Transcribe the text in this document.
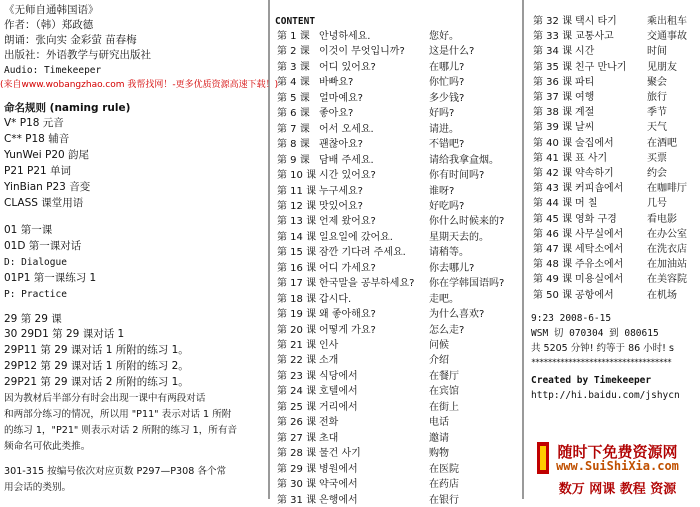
《无师自通韩国语》
作者：（韩）郑政德
朗诵：张向实 金彩萤 苗春梅
出版社：外语教学与研究出版社
Audio: Timekeeper
(来自www.wobangzhao.com 我帮找网！-更多优质资源高速下载！)
命名规则 (naming rule)
V* P18 元音
C** P18 辅音
YunWei P20 韵尾
P21 P21 单词
YinBian P23 音变
CLASS 课堂用语
01 第一课
01D 第一课对话
D: Dialogue
01P1 第一课练习 1
P: Practice
29 第 29 课
30 29D1 第 29 课对话 1
29P11 第 29 课对话 1 所附的练习 1。
29P12 第 29 课对话 1 所附的练习 2。
29P21 第 29 课对话 2 所附的练习 1。
因为教材后半部分有时会出现一课中有两段对话
和两部分练习的情况，所以用 "P11" 表示对话 1 所附
的练习 1，"P21" 则表示对话 2 所附的练习 1，所有音
频命名可依此类推。
301-315 按编号依次对应页数 P297—P308 各个常
用会话的类别。
CONTENT
第 1 课 안녕하세요.	您好。
第 2 课 이것이 무엇입니까? 这是什么?
第 3 课 어디 있어요?	在哪儿?
第 4 课 바빠요?	你忙吗?
第 5 课 얼마예요?	多少钱?
第 6 课 좋아요?	好吗?
第 7 课 어서 오세요.	请进。
第 8 课 괜찮아요?	不错吧?
第 9 课 담배 주세요.	请给我拿盒烟。
第 10 课 시간 있어요?	你有时间吗?
第 11 课 누구세요?	谁呀?
第 12 课 맛있어요?	好吃吗?
第 13 课 언제 왔어요?	你什么时候来的?
第 14 课 일요일에 갔어요.	星期天去的。
第 15 课 잠깐 기다려 주세요. 请稍等。
第 16 课 어디 가세요?	你去哪儿?
第 17 课 한국말을 공부하세요? 你在学韩国语吗?
第 18 课 갑시다.	走吧。
第 19 课 왜 좋아해요?	为什么喜欢?
第 20 课 어떻게 가요?	怎么走?
第 21 课 인사	问候
第 22 课 소개	介绍
第 23 课 식당에서	在餐厅
第 24 课 호텔에서	在宾馆
第 25 课 거리에서	在街上
第 26 课 전화	电话
第 27 课 초대	邀请
第 28 课 물건 사기	购物
第 29 课 병원에서	在医院
第 30 课 약국에서	在药店
第 31 课 은행에서	在银行
第 32 课 택시 타기	乘出租车
第 33 课 교통사고	交通事故
第 34 课 시간	时间
第 35 课 친구 만나기 见朋友
第 36 课 파티	聚会
第 37 课 여행	旅行
第 38 课 계절	季节
第 39 课 날씨	天气
第 40 课 술집에서	在酒吧
第 41 课 표 사기	买票
第 42 课 약속하기	约会
第 43 课 커피숍에서 在咖啡厅
第 44 课 머 칠	几号
第 45 课 영화 구경	看电影
第 46 课 사무실에서 在办公室
第 47 课 세탁소에서 在洗衣店
第 48 课 주유소에서 在加油站
第 49 课 미용실에서 在美容院
第 50 课 공항에서	在机场
9:23 2008-6-15
WSM 切 070304 到 080615
共 5205 分钟! 约等于 86 小时! s
**********************************
Created by Timekeeper
http://hi.baidu.com/jshycn
随时下免费资源网
www.SuiShiXia.com
数万 网课 教程 资源
